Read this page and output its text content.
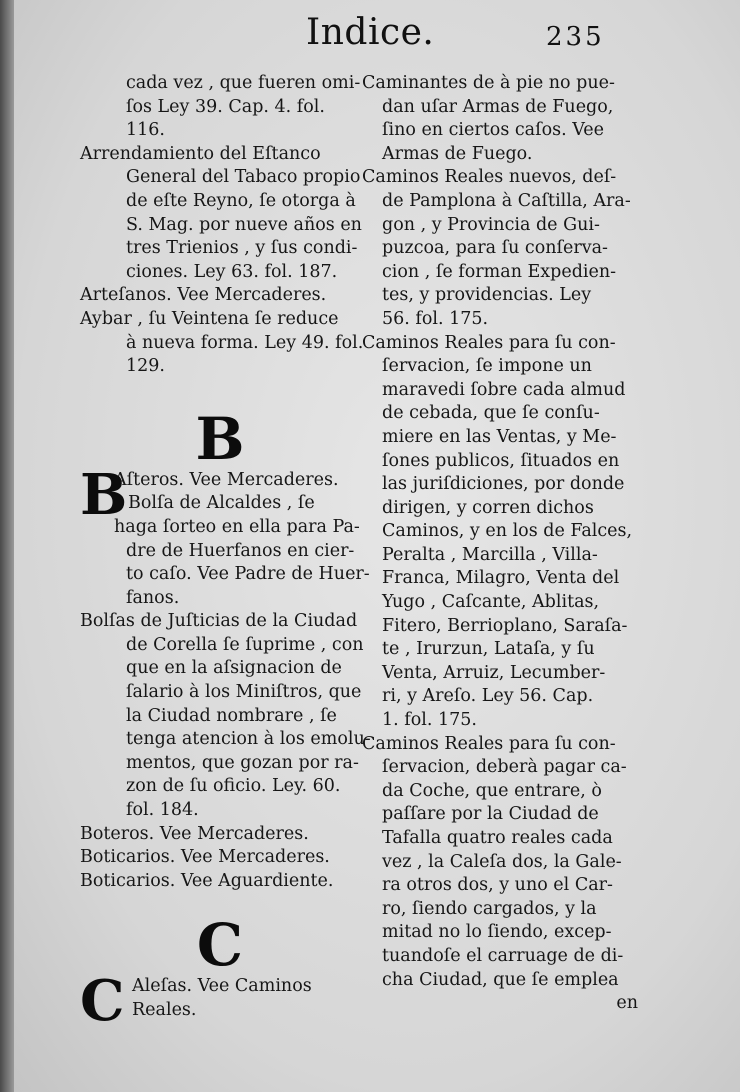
Indice.	235
cada vez , que fueren omi-
ſos Ley 39. Cap. 4. fol.
116.
Arrendamiento del Eſtanco
General del Tabaco propio
de eſte Reyno, ſe otorga à
S. Mag. por nueve años en
tres Trienios , y ſus condi-
ciones. Ley 63. fol. 187.
Arteſanos. Vee Mercaderes.
Aybar , ſu Veintena ſe reduce
à nueva forma. Ley 49. fol.
129.
B
B
Aſteros. Vee Mercaderes.
Bolſa de Alcaldes , ſe
haga ſorteo en ella para Pa-
dre de Huerfanos en cier-
to caſo. Vee Padre de Huer-
fanos.
Bolſas de Juſticias de la Ciudad
de Corella ſe ſuprime , con
que en la aſsignacion de
ſalario à los Miniſtros, que
la Ciudad nombrare , ſe
tenga atencion à los emolu-
mentos, que gozan por ra-
zon de ſu oficio. Ley. 60.
fol. 184.
Boteros. Vee Mercaderes.
Boticarios. Vee Mercaderes.
Boticarios. Vee Aguardiente.
C
C Aleſas. Vee Caminos
Reales.
Caminantes de à pie no pue-
dan uſar Armas de Fuego,
ſino en ciertos caſos. Vee
Armas de Fuego.
Caminos Reales nuevos, deſ-
de Pamplona à Caſtilla, Ara-
gon , y Provincia de Gui-
puzcoa, para ſu conſerva-
cion , ſe forman Expedien-
tes, y providencias. Ley
56. fol. 175.
Caminos Reales para ſu con-
ſervacion, ſe impone un
maravedi ſobre cada almud
de cebada, que ſe conſu-
miere en las Ventas, y Me-
ſones publicos, ſituados en
las juriſdiciones, por donde
dirigen, y corren dichos
Caminos, y en los de Falces,
Peralta , Marcilla , Villa-
Franca, Milagro, Venta del
Yugo , Caſcante, Ablitas,
Fitero, Berrioplano, Saraſa-
te , Irurzun, Lataſa, y ſu
Venta, Arruiz, Lecumber-
ri, y Areſo. Ley 56. Cap.
1. fol. 175.
Caminos Reales para ſu con-
ſervacion, deberà pagar ca-
da Coche, que entrare, ò
paſſare por la Ciudad de
Tafalla quatro reales cada
vez , la Caleſa dos, la Gale-
ra otros dos, y uno el Car-
ro, ſiendo cargados, y la
mitad no lo ſiendo, excep-
tuandoſe el carruage de di-
cha Ciudad, que ſe emplea
en
